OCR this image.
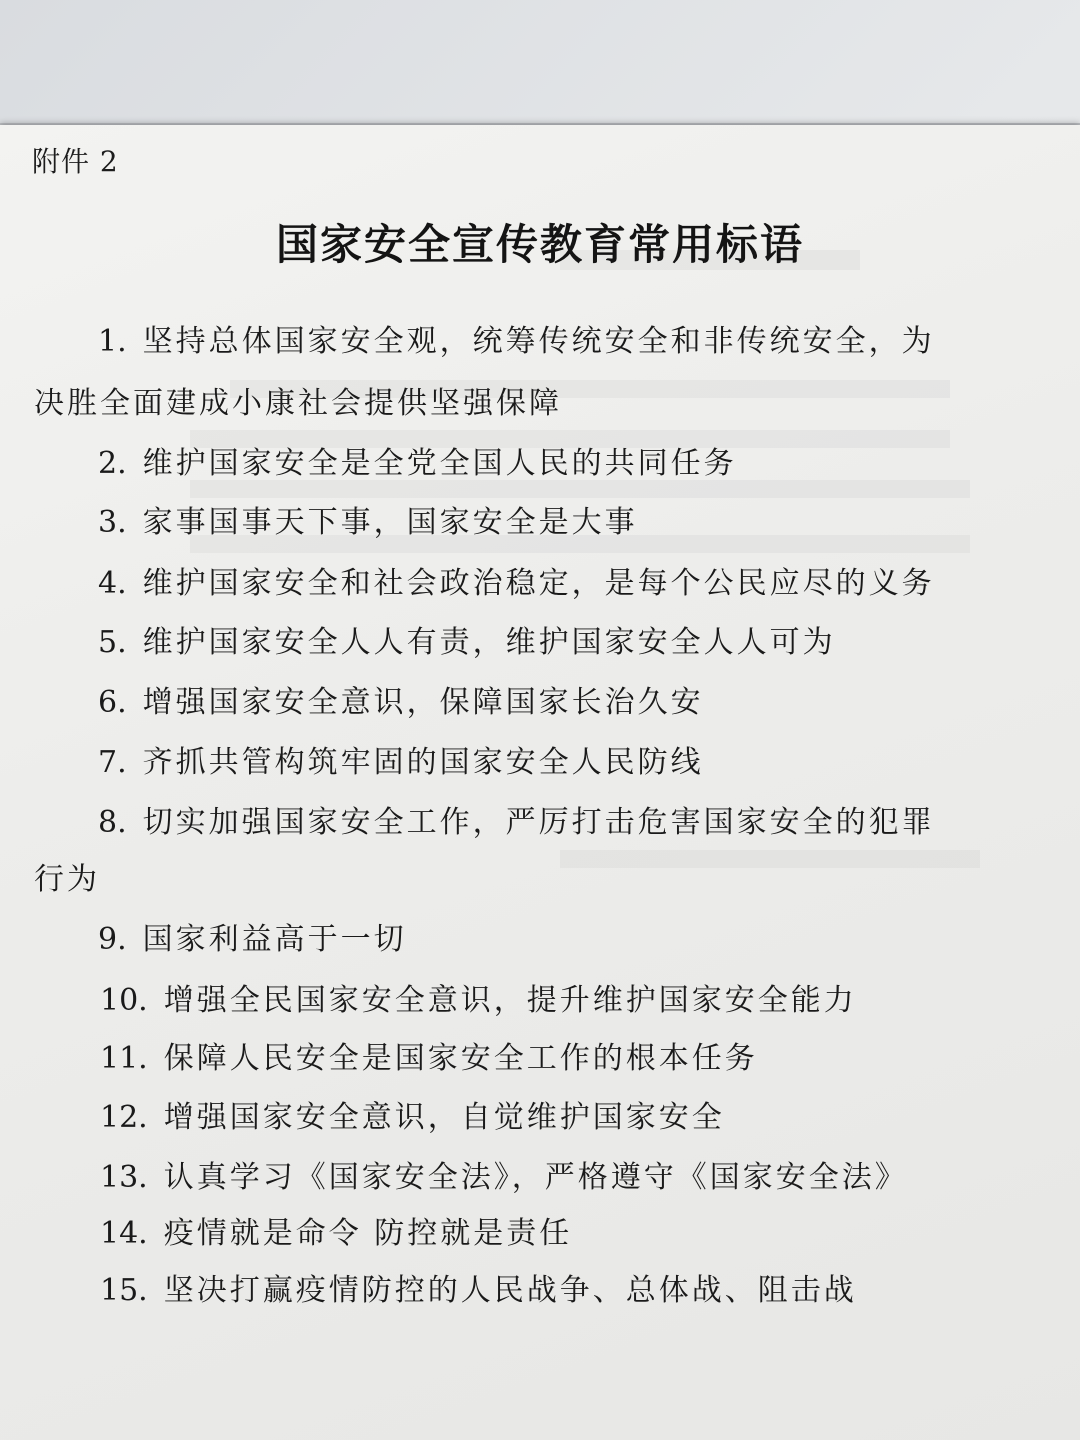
附件 2
国家安全宣传教育常用标语
1. 坚持总体国家安全观，统筹传统安全和非传统安全，为
决胜全面建成小康社会提供坚强保障
2. 维护国家安全是全党全国人民的共同任务
3. 家事国事天下事，国家安全是大事
4. 维护国家安全和社会政治稳定，是每个公民应尽的义务
5. 维护国家安全人人有责，维护国家安全人人可为
6. 增强国家安全意识，保障国家长治久安
7. 齐抓共管构筑牢固的国家安全人民防线
8. 切实加强国家安全工作，严厉打击危害国家安全的犯罪
行为
9. 国家利益高于一切
10. 增强全民国家安全意识，提升维护国家安全能力
11. 保障人民安全是国家安全工作的根本任务
12. 增强国家安全意识，自觉维护国家安全
13. 认真学习《国家安全法》，严格遵守《国家安全法》
14. 疫情就是命令 防控就是责任
15. 坚决打赢疫情防控的人民战争、总体战、阻击战
